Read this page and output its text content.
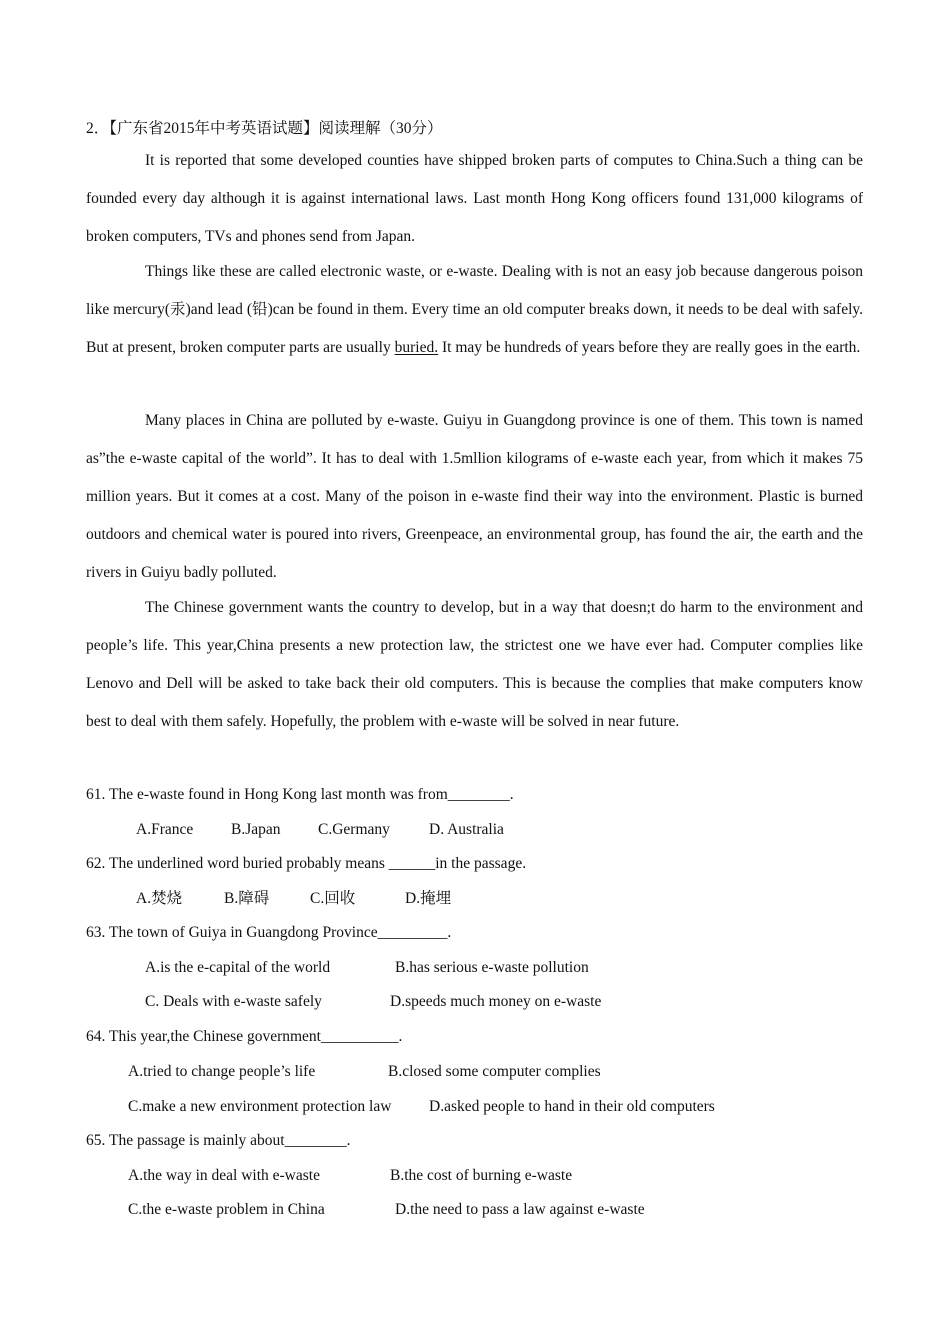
2．【广东省2015年中考英语试题】阅读理解（30分）

It is reported that some developed counties have shipped broken parts of computes to China.Such a thing can be founded every day although it is against international laws. Last month Hong Kong officers found 131,000 kilograms of broken computers, TVs and phones send from Japan.

Things like these are called electronic waste, or e-waste. Dealing with is not an easy job because dangerous poison like mercury(汞)and lead (铅)can be found in them. Every time an old computer breaks down, it needs to be deal with safely. But at present, broken computer parts are usually buried. It may be hundreds of years before they are really goes in the earth.

Many places in China are polluted by e-waste. Guiyu in Guangdong province is one of them. This town is named as”the e-waste capital of the world”. It has to deal with 1.5mllion kilograms of e-waste each year, from which it makes 75 million years. But it comes at a cost. Many of the poison in e-waste find their way into the environment. Plastic is burned outdoors and chemical water is poured into rivers, Greenpeace, an environmental group, has found the air, the earth and the rivers in Guiyu badly polluted.

The Chinese government wants the country to develop, but in a way that doesn;t do harm to the environment and people’s life. This year,China presents a new protection law, the strictest one we have ever had. Computer complies like Lenovo and Dell will be asked to take back their old computers. This is because the complies that make computers know best to deal with them safely. Hopefully, the problem with e-waste will be solved in near future.

61. The e-waste found in Hong Kong last month was from________.
A.France B.Japan C.Germany	D. Australia
62. The underlined word buried probably means ______in the passage.
A.焚烧	B.障碍	C.回收	D.掩埋
63. The town of Guiya in Guangdong Province_________.
A.is the e-capital of the world	B.has serious e-waste pollution
C. Deals with e-waste safely	D.speeds much money on e-waste
64. This year,the Chinese government__________.
A.tried to change people’s life	B.closed some computer complies
C.make a new environment protection law D.asked people to hand in their old computers
65. The passage is mainly about________.
A.the way in deal with e-waste	B.the cost of burning e-waste
C.the e-waste problem in China	D.the need to pass a law against e-waste
